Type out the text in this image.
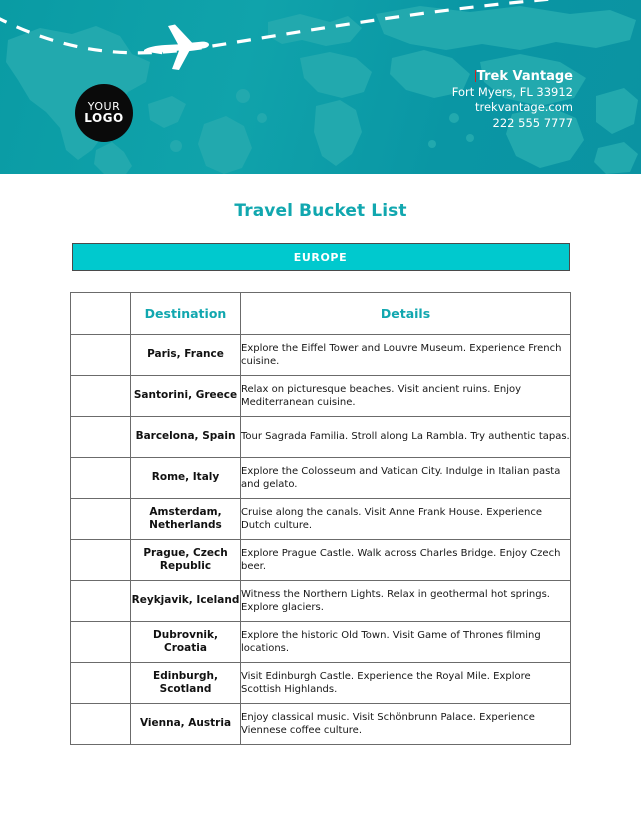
YOUR
LOGO
Trek Vantage
Fort Myers, FL 33912
trekvantage.com
222 555 7777
Travel Bucket List
EUROPE
	Destination	Details
	Paris, France	Explore the Eiffel Tower and Louvre Museum. Experience French cuisine.
	Santorini, Greece	Relax on picturesque beaches. Visit ancient ruins. Enjoy Mediterranean cuisine.
	Barcelona, Spain	Tour Sagrada Familia. Stroll along La Rambla. Try authentic tapas.
	Rome, Italy	Explore the Colosseum and Vatican City. Indulge in Italian pasta and gelato.
	Amsterdam, Netherlands	Cruise along the canals. Visit Anne Frank House. Experience Dutch culture.
	Prague, Czech Republic	Explore Prague Castle. Walk across Charles Bridge. Enjoy Czech beer.
	Reykjavik, Iceland	Witness the Northern Lights. Relax in geothermal hot springs. Explore glaciers.
	Dubrovnik, Croatia	Explore the historic Old Town. Visit Game of Thrones filming locations.
	Edinburgh, Scotland	Visit Edinburgh Castle. Experience the Royal Mile. Explore Scottish Highlands.
	Vienna, Austria	Enjoy classical music. Visit Schönbrunn Palace. Experience Viennese coffee culture.
